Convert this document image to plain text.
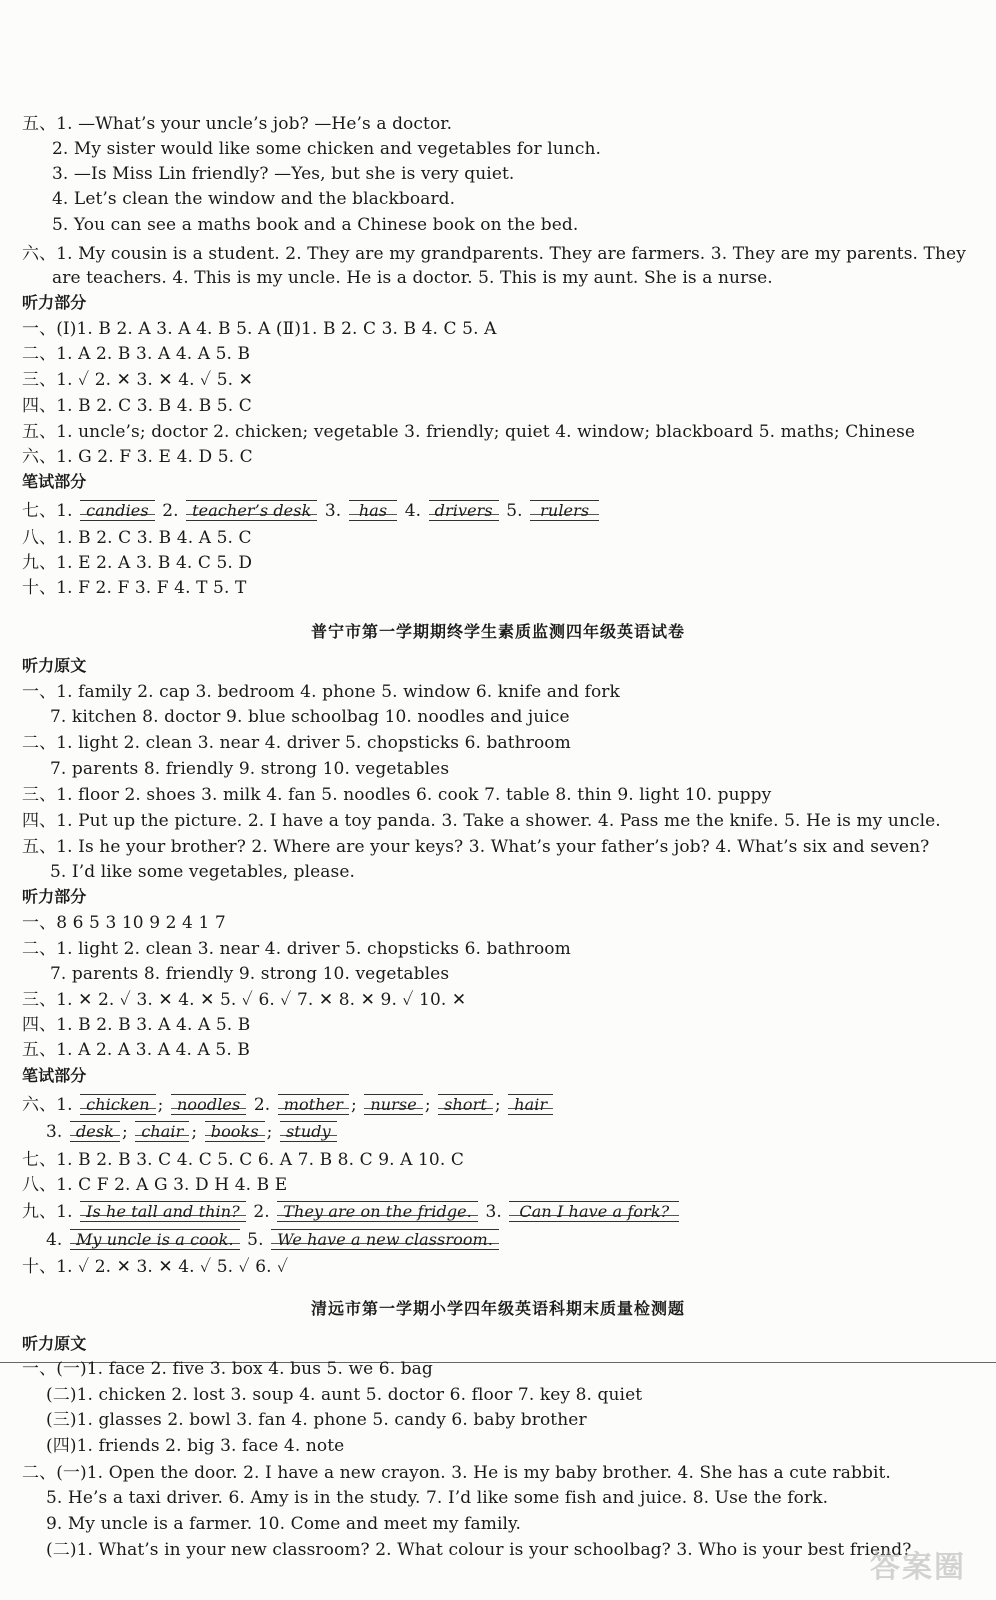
五、1. —What’s your uncle’s job? —He’s a doctor.
2. My sister would like some chicken and vegetables for lunch.
3. —Is Miss Lin friendly? —Yes, but she is very quiet.
4. Let’s clean the window and the blackboard.
5. You can see a maths book and a Chinese book on the bed.
六、1. My cousin is a student. 2. They are my grandparents. They are farmers. 3. They are my parents. They
are teachers. 4. This is my uncle. He is a doctor. 5. This is my aunt. She is a nurse.
听力部分
一、(Ⅰ)1. B 2. A 3. A 4. B 5. A (Ⅱ)1. B 2. C 3. B 4. C 5. A
二、1. A 2. B 3. A 4. A 5. B
三、1. ✓ 2. ✕ 3. ✕ 4. ✓ 5. ✕
四、1. B 2. C 3. B 4. B 5. C
五、1. uncle’s; doctor 2. chicken; vegetable 3. friendly; quiet 4. window; blackboard 5. maths; Chinese
六、1. G 2. F 3. E 4. D 5. C
笔试部分
七、1. candies 2. teacher’s desk 3. has 4. drivers 5. rulers
八、1. B 2. C 3. B 4. A 5. C
九、1. E 2. A 3. B 4. C 5. D
十、1. F 2. F 3. F 4. T 5. T
普宁市第一学期期终学生素质监测四年级英语试卷
听力原文
一、1. family 2. cap 3. bedroom 4. phone 5. window 6. knife and fork
7. kitchen 8. doctor 9. blue schoolbag 10. noodles and juice
二、1. light 2. clean 3. near 4. driver 5. chopsticks 6. bathroom
7. parents 8. friendly 9. strong 10. vegetables
三、1. floor 2. shoes 3. milk 4. fan 5. noodles 6. cook 7. table 8. thin 9. light 10. puppy
四、1. Put up the picture. 2. I have a toy panda. 3. Take a shower. 4. Pass me the knife. 5. He is my uncle.
五、1. Is he your brother? 2. Where are your keys? 3. What’s your father’s job? 4. What’s six and seven?
5. I’d like some vegetables, please.
听力部分
一、8 6 5 3 10 9 2 4 1 7
二、1. light 2. clean 3. near 4. driver 5. chopsticks 6. bathroom
7. parents 8. friendly 9. strong 10. vegetables
三、1. ✕ 2. ✓ 3. ✕ 4. ✕ 5. ✓ 6. ✓ 7. ✕ 8. ✕ 9. ✓ 10. ✕
四、1. B 2. B 3. A 4. A 5. B
五、1. A 2. A 3. A 4. A 5. B
笔试部分
六、1. chicken ; noodles 2. mother ; nurse ; short ; hair
3. desk ; chair ; books ; study
七、1. B 2. B 3. C 4. C 5. C 6. A 7. B 8. C 9. A 10. C
八、1. C F 2. A G 3. D H 4. B E
九、1. Is he tall and thin? 2. They are on the fridge. 3. Can I have a fork?
4. My uncle is a cook. 5. We have a new classroom.
十、1. ✓ 2. ✕ 3. ✕ 4. ✓ 5. ✓ 6. ✓
清远市第一学期小学四年级英语科期末质量检测题
听力原文
一、(一)1. face 2. five 3. box 4. bus 5. we 6. bag
(二)1. chicken 2. lost 3. soup 4. aunt 5. doctor 6. floor 7. key 8. quiet
(三)1. glasses 2. bowl 3. fan 4. phone 5. candy 6. baby brother
(四)1. friends 2. big 3. face 4. note
二、(一)1. Open the door. 2. I have a new crayon. 3. He is my baby brother. 4. She has a cute rabbit.
5. He’s a taxi driver. 6. Amy is in the study. 7. I’d like some fish and juice. 8. Use the fork.
9. My uncle is a farmer. 10. Come and meet my family.
(二)1. What’s in your new classroom? 2. What colour is your schoolbag? 3. Who is your best friend?
答案圈
